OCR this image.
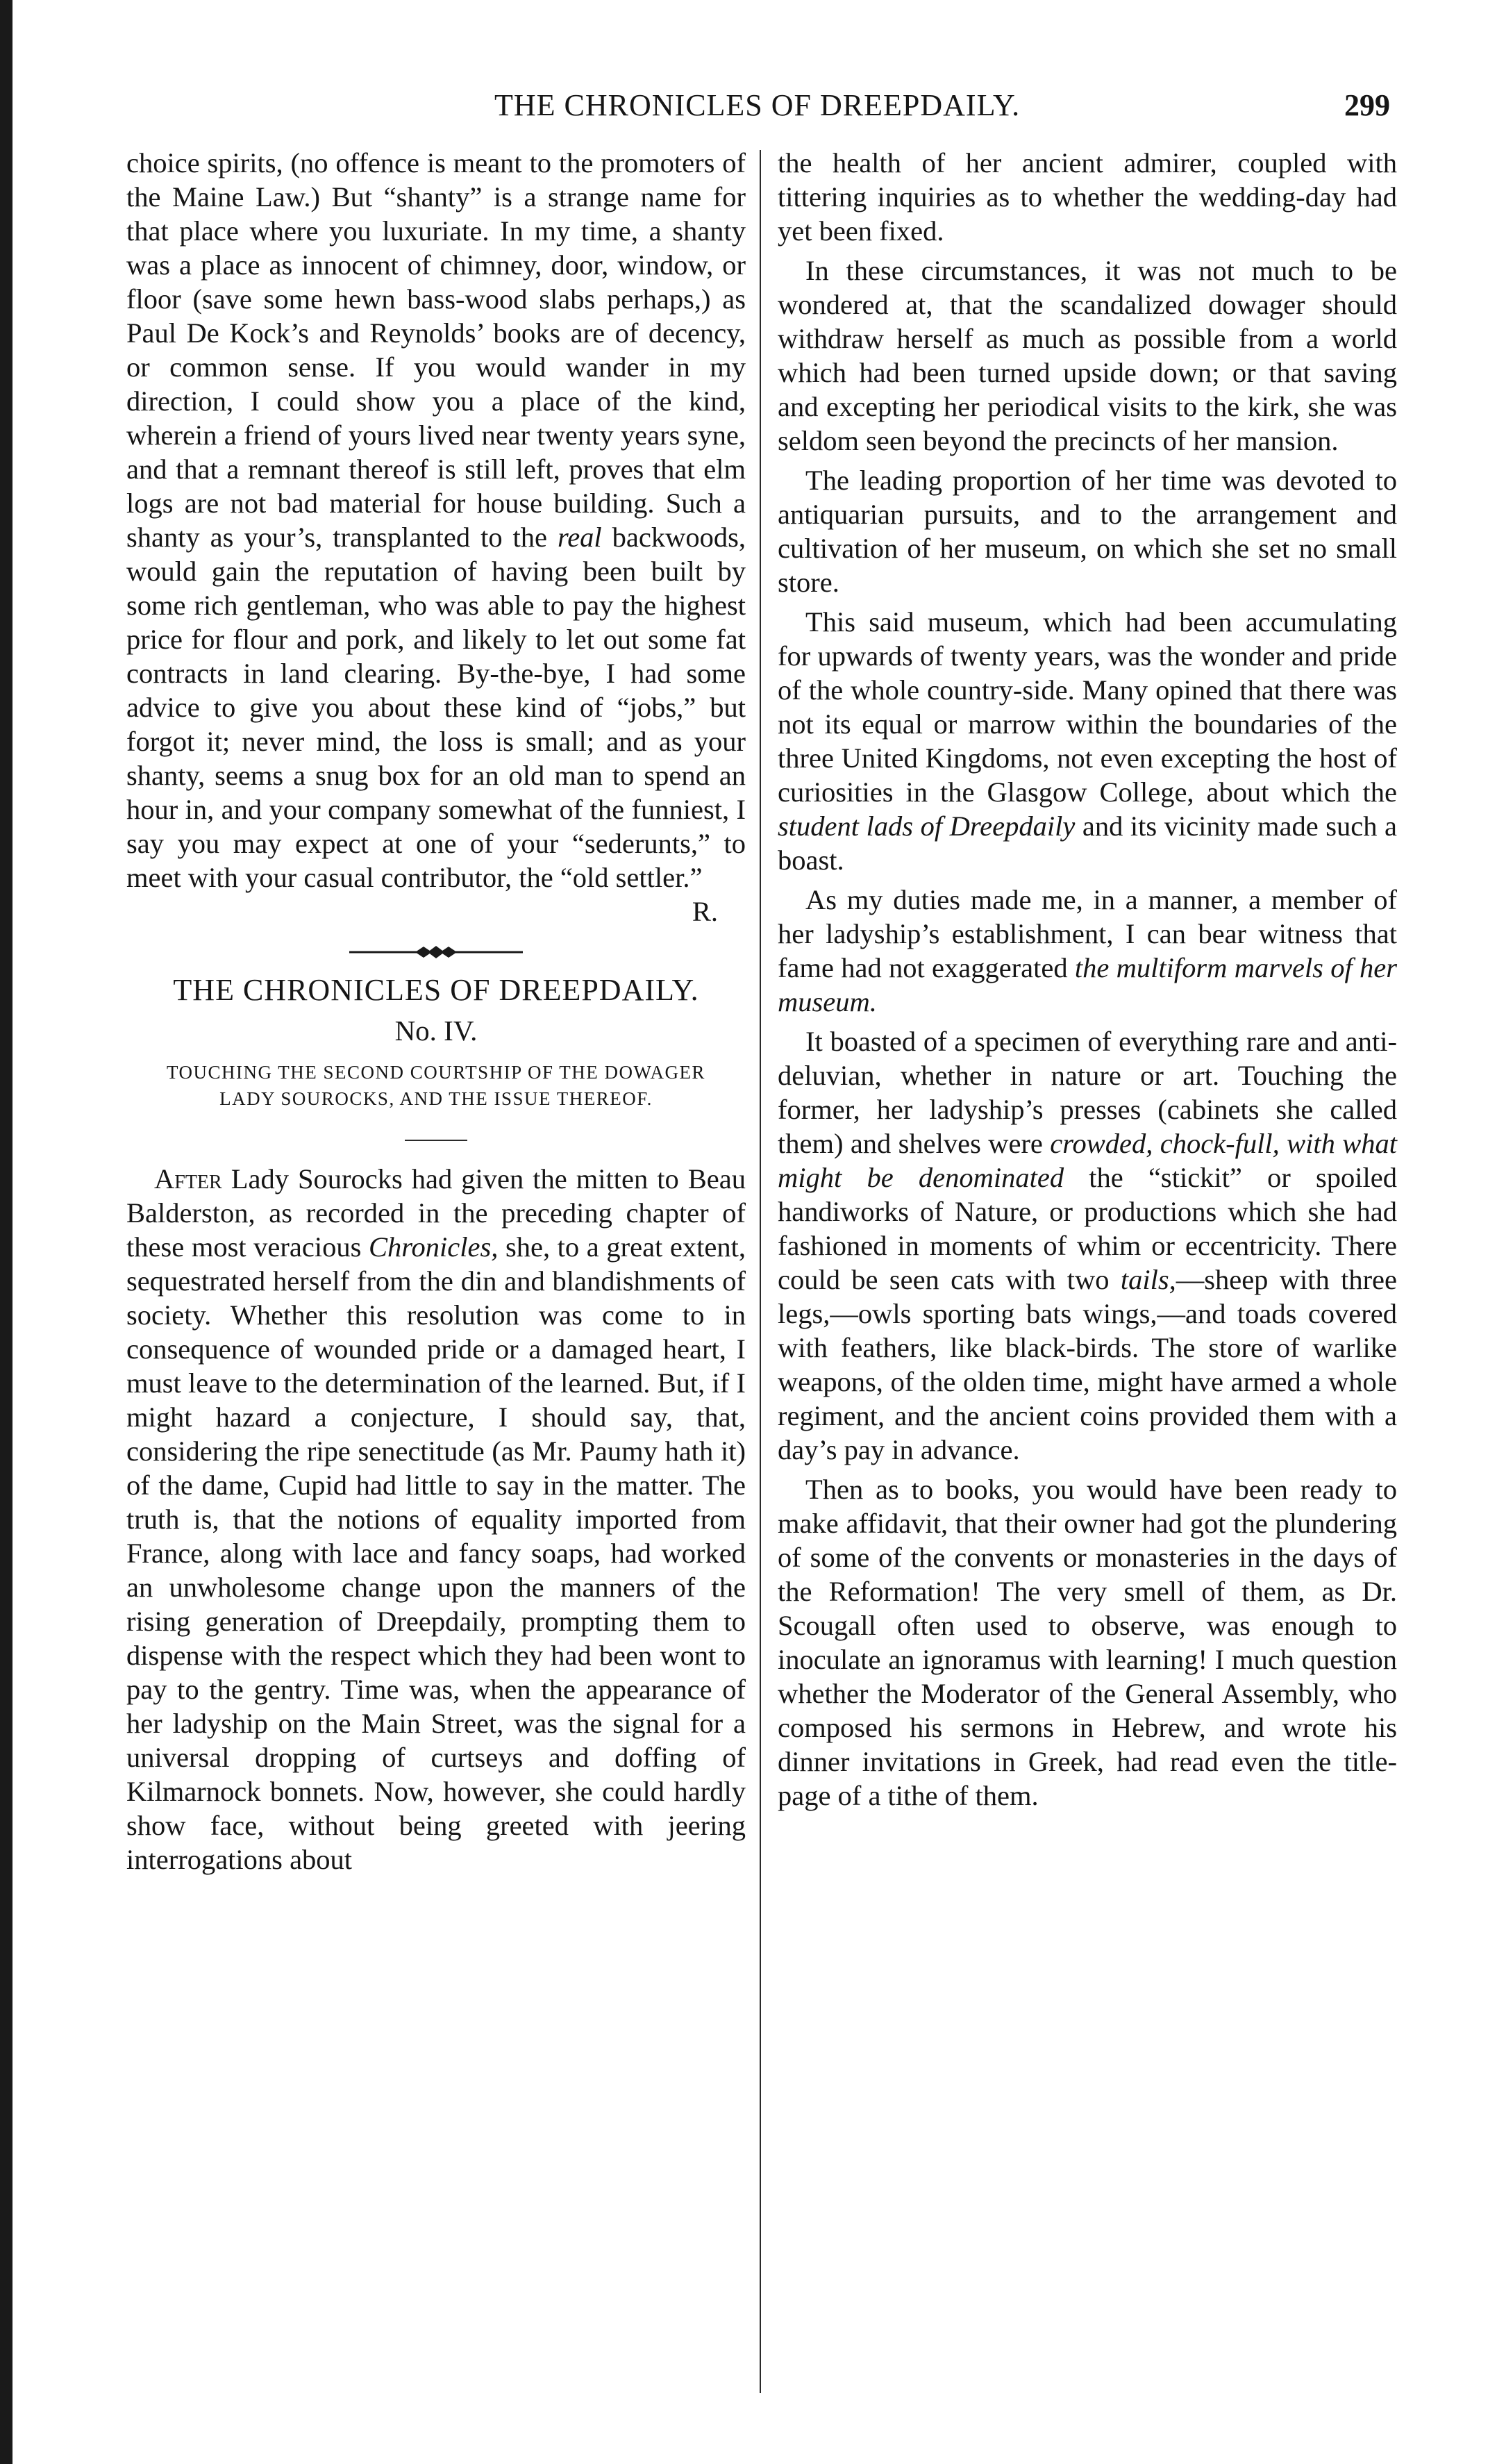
THE CHRONICLES OF DREEPDAILY.	299

choice spirits, (no offence is meant to the promoters of the Maine Law.) But “shanty” is a strange name for that place where you luxuriate. In my time, a shanty was a place as innocent of chimney, door, window, or floor (save some hewn bass-wood slabs perhaps,) as Paul De Kock’s and Reynolds’ books are of decency, or common sense. If you would wander in my direction, I could show you a place of the kind, wherein a friend of yours lived near twenty years syne, and that a remnant thereof is still left, proves that elm logs are not bad material for house building. Such a shanty as your’s, transplanted to the real backwoods, would gain the reputation of having been built by some rich gentleman, who was able to pay the highest price for flour and pork, and likely to let out some fat contracts in land clearing. By-the-bye, I had some advice to give you about these kind of “jobs,” but forgot it; never mind, the loss is small; and as your shanty, seems a snug box for an old man to spend an hour in, and your company somewhat of the funniest, I say you may expect at one of your “sederunts,” to meet with your casual contributor, the “old settler.”

R.

THE CHRONICLES OF DREEPDAILY.
No. IV.
TOUCHING THE SECOND COURTSHIP OF THE DOWAGER LADY SOUROCKS, AND THE ISSUE THEREOF.

After Lady Sourocks had given the mitten to Beau Balderston, as recorded in the preceding chapter of these most veracious Chronicles, she, to a great extent, sequestrated herself from the din and blandishments of society. Whether this resolution was come to in consequence of wounded pride or a damaged heart, I must leave to the determination of the learned. But, if I might hazard a conjecture, I should say, that, considering the ripe senectitude (as Mr. Paumy hath it) of the dame, Cupid had little to say in the matter. The truth is, that the notions of equality imported from France, along with lace and fancy soaps, had worked an unwholesome change upon the manners of the rising generation of Dreepdaily, prompting them to dispense with the respect which they had been wont to pay to the gentry. Time was, when the appearance of her ladyship on the Main Street, was the signal for a universal dropping of curtseys and doffing of Kilmarnock bonnets. Now, however, she could hardly show face, without being greeted with jeering interrogations about

the health of her ancient admirer, coupled with tittering inquiries as to whether the wedding-day had yet been fixed.

In these circumstances, it was not much to be wondered at, that the scandalized dowager should withdraw herself as much as possible from a world which had been turned upside down; or that saving and excepting her periodical visits to the kirk, she was seldom seen beyond the precincts of her mansion.

The leading proportion of her time was devoted to antiquarian pursuits, and to the arrangement and cultivation of her museum, on which she set no small store.

This said museum, which had been accumulating for upwards of twenty years, was the wonder and pride of the whole country-side. Many opined that there was not its equal or marrow within the boundaries of the three United Kingdoms, not even excepting the host of curiosities in the Glasgow College, about which the student lads of Dreepdaily and its vicinity made such a boast.

As my duties made me, in a manner, a member of her ladyship’s establishment, I can bear witness that fame had not exaggerated the multiform marvels of her museum.

It boasted of a specimen of everything rare and anti-deluvian, whether in nature or art. Touching the former, her ladyship’s presses (cabinets she called them) and shelves were crowded, chock-full, with what might be denominated the “stickit” or spoiled handiworks of Nature, or productions which she had fashioned in moments of whim or eccentricity. There could be seen cats with two tails,—sheep with three legs,—owls sporting bats wings,—and toads covered with feathers, like black-birds. The store of warlike weapons, of the olden time, might have armed a whole regiment, and the ancient coins provided them with a day’s pay in advance.

Then as to books, you would have been ready to make affidavit, that their owner had got the plundering of some of the convents or monasteries in the days of the Reformation! The very smell of them, as Dr. Scougall often used to observe, was enough to inoculate an ignoramus with learning! I much question whether the Moderator of the General Assembly, who composed his sermons in Hebrew, and wrote his dinner invitations in Greek, had read even the title-page of a tithe of them.
